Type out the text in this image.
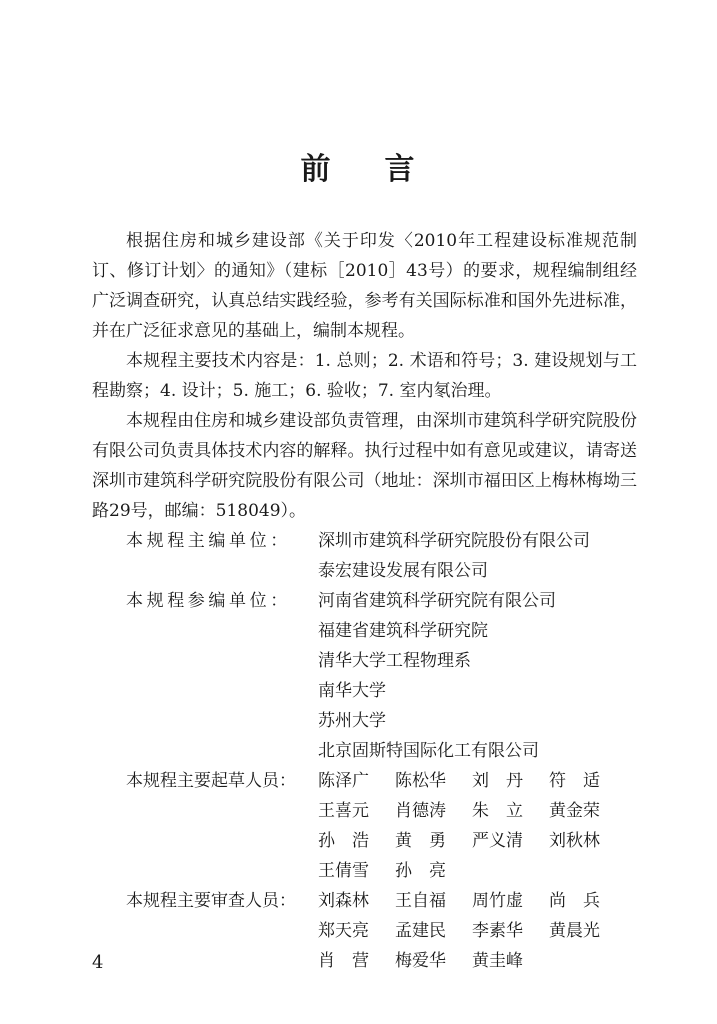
前 言

根据住房和城乡建设部《关于印发〈2010年工程建设标准规范制订、修订计划〉的通知》（建标［2010］43号）的要求，规程编制组经广泛调查研究，认真总结实践经验，参考有关国际标准和国外先进标准，并在广泛征求意见的基础上，编制本规程。

本规程主要技术内容是：1. 总则；2. 术语和符号；3. 建设规划与工程勘察；4. 设计；5. 施工；6. 验收；7. 室内氡治理。

本规程由住房和城乡建设部负责管理，由深圳市建筑科学研究院股份有限公司负责具体技术内容的解释。执行过程中如有意见或建议，请寄送深圳市建筑科学研究院股份有限公司（地址：深圳市福田区上梅林梅坳三路29号，邮编：518049）。

本规程主编单位：	深圳市建筑科学研究院股份有限公司
泰宏建设发展有限公司
本规程参编单位：	河南省建筑科学研究院有限公司
福建省建筑科学研究院
清华大学工程物理系
南华大学
苏州大学
北京固斯特国际化工有限公司
本规程主要起草人员：	陈泽广	陈松华	刘　丹	符　适
王喜元	肖德涛	朱　立	黄金荣
孙　浩	黄　勇	严义清	刘秋林
王倩雪	孙　亮
本规程主要审查人员：	刘森林	王自福	周竹虚	尚　兵
郑天亮	孟建民	李素华	黄晨光
肖　营	梅爱华	黄圭峰
4
